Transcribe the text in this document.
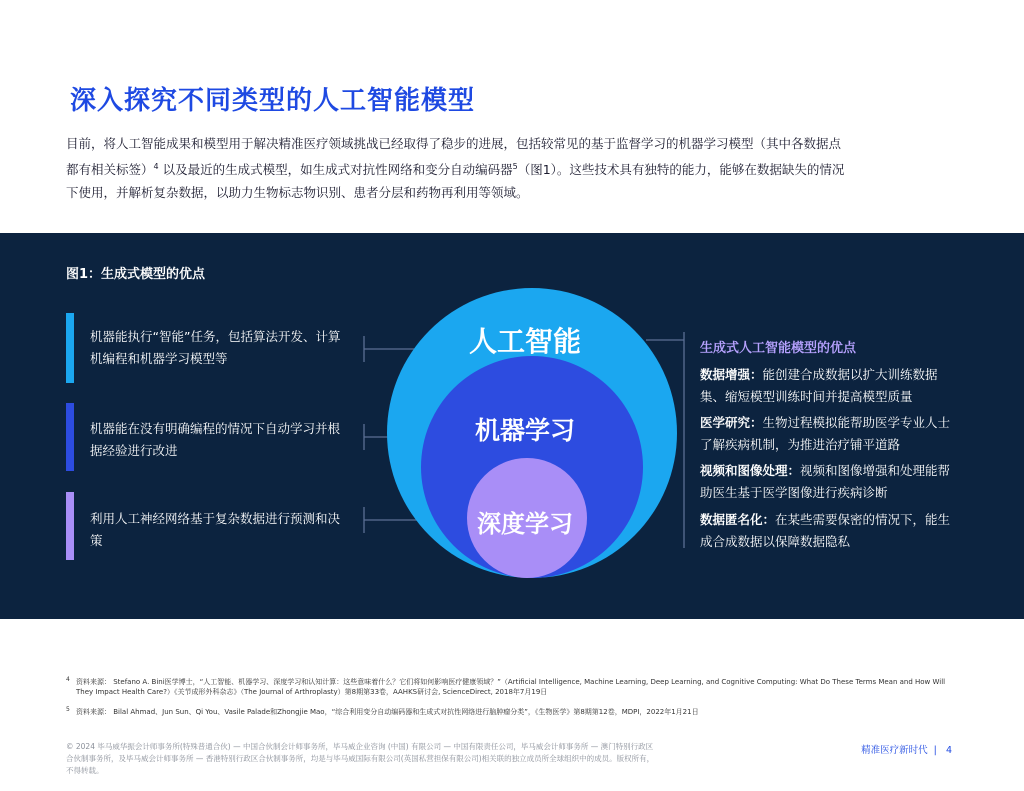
深入探究不同类型的人工智能模型
目前，将人工智能成果和模型用于解决精准医疗领域挑战已经取得了稳步的进展，包括较常见的基于监督学习的机器学习模型（其中各数据点都有相关标签）$^4$ 以及最近的生成式模型，如生成式对抗性网络和变分自动编码器$^5$（图1）。这些技术具有独特的能力，能够在数据缺失的情况下使用，并解析复杂数据，以助力生物标志物识别、患者分层和药物再利用等领域。
图1：生成式模型的优点
机器能执行“智能”任务，包括算法开发、计算机编程和机器学习模型等
机器能在没有明确编程的情况下自动学习并根据经验进行改进
利用人工神经网络基于复杂数据进行预测和决策
人工智能
机器学习
深度学习
生成式人工智能模型的优点
数据增强：能创建合成数据以扩大训练数据集、缩短模型训练时间并提高模型质量
医学研究：生物过程模拟能帮助医学专业人士了解疾病机制，为推进治疗铺平道路
视频和图像处理：视频和图像增强和处理能帮助医生基于医学图像进行疾病诊断
数据匿名化：在某些需要保密的情况下，能生成合成数据以保障数据隐私
4 资料来源： Stefano A. Bini医学博士，“人工智能、机器学习、深度学习和认知计算：这些意味着什么？它们将如何影响医疗健康领域？”（Artificial Intelligence, Machine Learning, Deep Learning, and Cognitive Computing: What Do These Terms Mean and How Will They Impact Health Care?）《关节成形外科杂志》（The Journal of Arthroplasty）第8期第33卷，AAHKS研讨会, ScienceDirect, 2018年7月19日
5 资料来源： Bilal Ahmad、Jun Sun、Qi You、Vasile Palade和Zhongjie Mao，“综合利用变分自动编码器和生成式对抗性网络进行脑肿瘤分类”，《生物医学》第8期第12卷，MDPI，2022年1月21日
© 2024 毕马威华振会计师事务所(特殊普通合伙) — 中国合伙制会计师事务所，毕马威企业咨询 (中国) 有限公司 — 中国有限责任公司，毕马威会计师事务所 — 澳门特别行政区合伙制事务所，及毕马威会计师事务所 — 香港特别行政区合伙制事务所，均是与毕马威国际有限公司(英国私营担保有限公司)相关联的独立成员所全球组织中的成员。版权所有，不得转载。
精准医疗新时代  |   4
